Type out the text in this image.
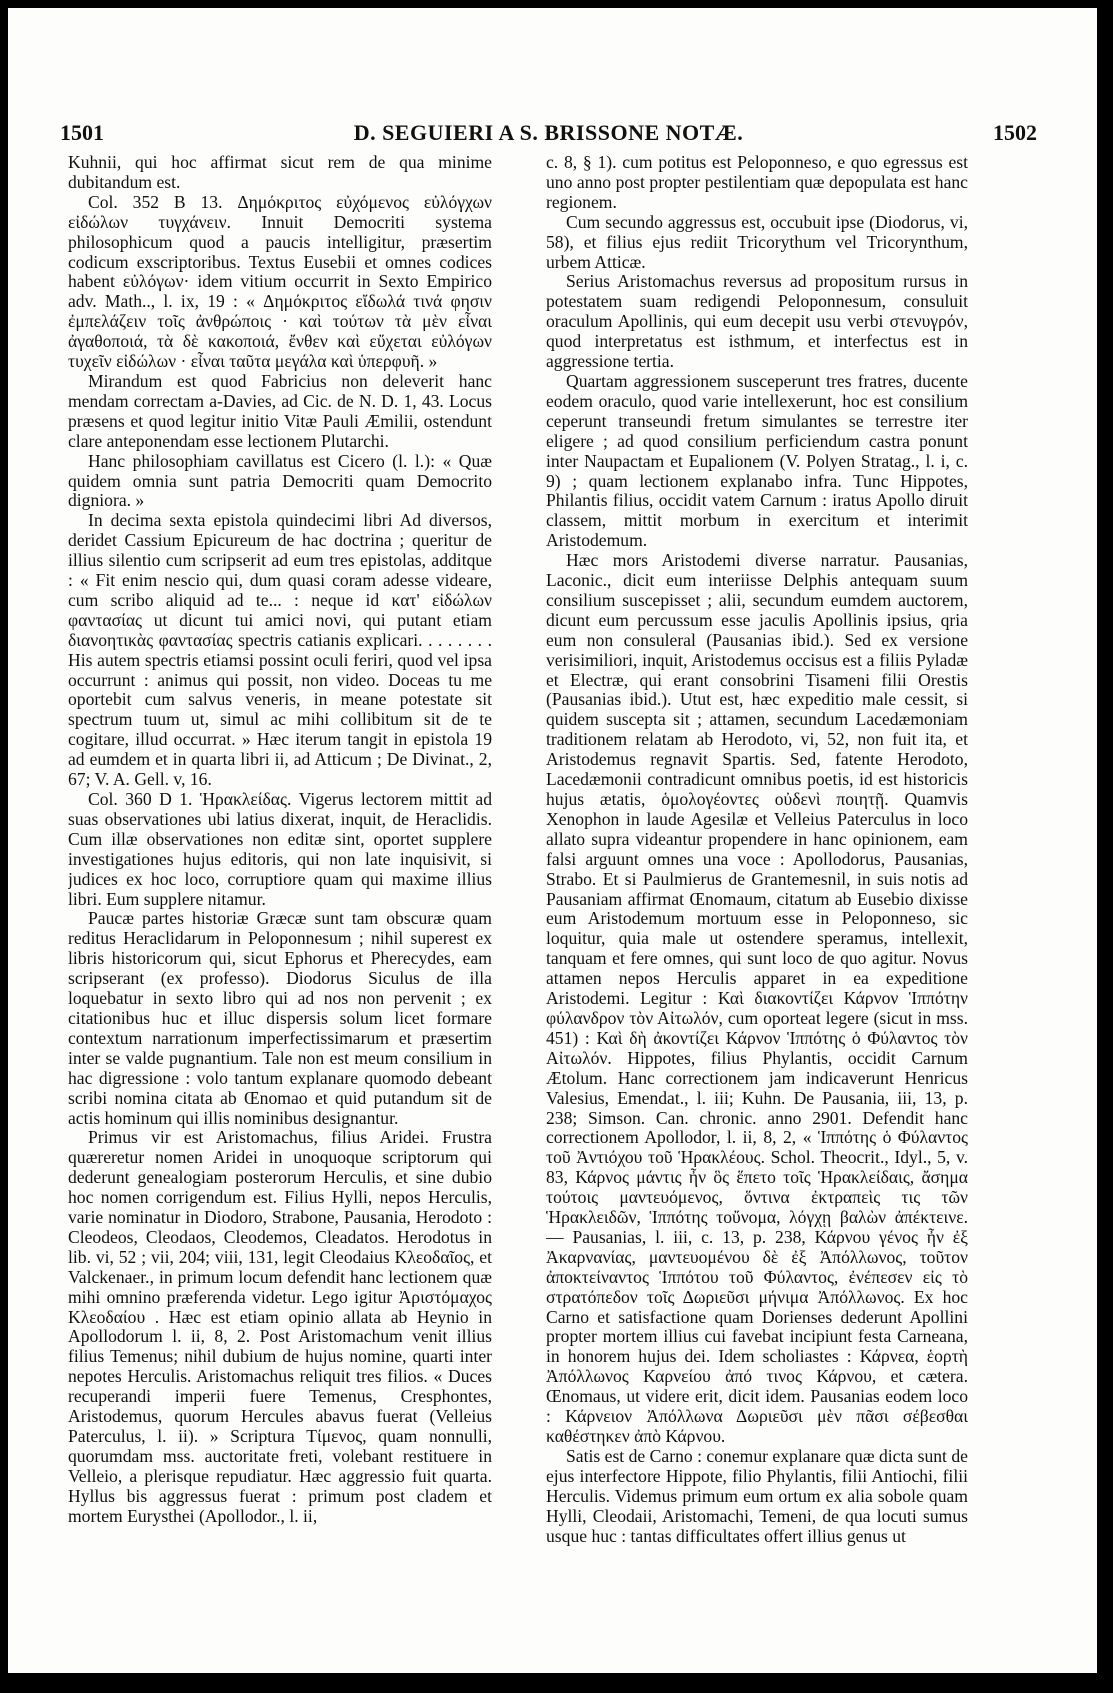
1501	D. SEGUIERI A S. BRISSONE NOTÆ.	1502

Kuhnii, qui hoc affirmat sicut rem de qua minime dubitandum est.

Col. 352 B 13. Δημόκριτος εὐχόμενος εὐλόγχων εἰδώλων τυγχάνειν. Innuit Democriti systema philosophicum quod a paucis intelligitur, præsertim codicum exscriptoribus. Textus Eusebii et omnes codices habent εὐλόγων· idem vitium occurrit in Sexto Empirico adv. Math.., l. ix, 19 : « Δημόκριτος εἴδωλά τινά φησιν ἐμπελάζειν τοῖς ἀνθρώποις · καὶ τούτων τὰ μὲν εἶναι ἀγαθοποιά, τὰ δὲ κακοποιά, ἔνθεν καὶ εὔχεται εὐλόγων τυχεῖν εἰδώλων · εἶναι ταῦτα μεγάλα καὶ ὑπερφυῆ. »

Mirandum est quod Fabricius non deleverit hanc mendam correctam a-Davies, ad Cic. de N. D. 1, 43. Locus præsens et quod legitur initio Vitæ Pauli Æmilii, ostendunt clare anteponendam esse lectionem Plutarchi.

Hanc philosophiam cavillatus est Cicero (l. l.): « Quæ quidem omnia sunt patria Democriti quam Democrito digniora. »

In decima sexta epistola quindecimi libri Ad diversos, deridet Cassium Epicureum de hac doctrina ; queritur de illius silentio cum scripserit ad eum tres epistolas, additque : « Fit enim nescio qui, dum quasi coram adesse videare, cum scribo aliquid ad te... : neque id κατ' εἰδώλων φαντασίας ut dicunt tui amici novi, qui putant etiam διανοητικὰς φαντασίας spectris catianis explicari. . . . . . . . His autem spectris etiamsi possint oculi feriri, quod vel ipsa occurrunt : animus qui possit, non video. Doceas tu me oportebit cum salvus veneris, in meane potestate sit spectrum tuum ut, simul ac mihi collibitum sit de te cogitare, illud occurrat. » Hæc iterum tangit in epistola 19 ad eumdem et in quarta libri ii, ad Atticum ; De Divinat., 2, 67; V. A. Gell. v, 16.

Col. 360 D 1. Ἡρακλείδας. Vigerus lectorem mittit ad suas observationes ubi latius dixerat, inquit, de Heraclidis. Cum illæ observationes non editæ sint, oportet supplere investigationes hujus editoris, qui non late inquisivit, si judices ex hoc loco, corruptiore quam qui maxime illius libri. Eum supplere nitamur.

Paucæ partes historiæ Græcæ sunt tam obscuræ quam reditus Heraclidarum in Peloponnesum ; nihil superest ex libris historicorum qui, sicut Ephorus et Pherecydes, eam scripserant (ex professo). Diodorus Siculus de illa loquebatur in sexto libro qui ad nos non pervenit ; ex citationibus huc et illuc dispersis solum licet formare contextum narrationum imperfectissimarum et præsertim inter se valde pugnantium. Tale non est meum consilium in hac digressione : volo tantum explanare quomodo debeant scribi nomina citata ab Œnomao et quid putandum sit de actis hominum qui illis nominibus designantur.

Primus vir est Aristomachus, filius Aridei. Frustra quæreretur nomen Aridei in unoquoque scriptorum qui dederunt genealogiam posterorum Herculis, et sine dubio hoc nomen corrigendum est. Filius Hylli, nepos Herculis, varie nominatur in Diodoro, Strabone, Pausania, Herodoto : Cleodeos, Cleodaos, Cleodemos, Cleadatos. Herodotus in lib. vi, 52 ; vii, 204; viii, 131, legit Cleodaius Κλεοδαῖος, et Valckenaer., in primum locum defendit hanc lectionem quæ mihi omnino præferenda videtur. Lego igitur Ἀριστόμαχος Κλεοδαίου . Hæc est etiam opinio allata ab Heynio in Apollodorum l. ii, 8, 2. Post Aristomachum venit illius filius Temenus; nihil dubium de hujus nomine, quarti inter nepotes Herculis. Aristomachus reliquit tres filios. « Duces recuperandi imperii fuere Temenus, Cresphontes, Aristodemus, quorum Hercules abavus fuerat (Velleius Paterculus, l. ii). » Scriptura Τίμενος, quam nonnulli, quorumdam mss. auctoritate freti, volebant restituere in Velleio, a plerisque repudiatur. Hæc aggressio fuit quarta. Hyllus bis aggressus fuerat : primum post cladem et mortem Eurysthei (Apollodor., l. ii,

c. 8, § 1). cum potitus est Peloponneso, e quo egressus est uno anno post propter pestilentiam quæ depopulata est hanc regionem.

Cum secundo aggressus est, occubuit ipse (Diodorus, vi, 58), et filius ejus rediit Tricorythum vel Tricorynthum, urbem Atticæ.

Serius Aristomachus reversus ad propositum rursus in potestatem suam redigendi Peloponnesum, consuluit oraculum Apollinis, qui eum decepit usu verbi στενυγρόν, quod interpretatus est isthmum, et interfectus est in aggressione tertia.

Quartam aggressionem susceperunt tres fratres, ducente eodem oraculo, quod varie intellexerunt, hoc est consilium ceperunt transeundi fretum simulantes se terrestre iter eligere ; ad quod consilium perficiendum castra ponunt inter Naupactam et Eupalionem (V. Polyen Stratag., l. i, c. 9) ; quam lectionem explanabo infra. Tunc Hippotes, Philantis filius, occidit vatem Carnum : iratus Apollo diruit classem, mittit morbum in exercitum et interimit Aristodemum.

Hæc mors Aristodemi diverse narratur. Pausanias, Laconic., dicit eum interiisse Delphis antequam suum consilium suscepisset ; alii, secundum eumdem auctorem, dicunt eum percussum esse jaculis Apollinis ipsius, qria eum non consuleral (Pausanias ibid.). Sed ex versione verisimiliori, inquit, Aristodemus occisus est a filiis Pyladæ et Electræ, qui erant consobrini Tisameni filii Orestis (Pausanias ibid.). Utut est, hæc expeditio male cessit, si quidem suscepta sit ; attamen, secundum Lacedæmoniam traditionem relatam ab Herodoto, vi, 52, non fuit ita, et Aristodemus regnavit Spartis. Sed, fatente Herodoto, Lacedæmonii contradicunt omnibus poetis, id est historicis hujus ætatis, ὁμολογέοντες οὐδενὶ ποιητῇ. Quamvis Xenophon in laude Agesilæ et Velleius Paterculus in loco allato supra videantur propendere in hanc opinionem, eam falsi arguunt omnes una voce : Apollodorus, Pausanias, Strabo. Et si Paulmierus de Grantemesnil, in suis notis ad Pausaniam affirmat Œnomaum, citatum ab Eusebio dixisse eum Aristodemum mortuum esse in Peloponneso, sic loquitur, quia male ut ostendere speramus, intellexit, tanquam et fere omnes, qui sunt loco de quo agitur. Novus attamen nepos Herculis apparet in ea expeditione Aristodemi. Legitur : Καὶ διακοντίζει Κάρνον Ἱππότην φύλανδρον τὸν Αἰτωλόν, cum oporteat legere (sicut in mss. 451) : Καὶ δὴ ἀκοντίζει Κάρνον Ἱππότης ὁ Φύλαντος τὸν Αἰτωλόν. Hippotes, filius Phylantis, occidit Carnum Ætolum. Hanc correctionem jam indicaverunt Henricus Valesius, Emendat., l. iii; Kuhn. De Pausania, iii, 13, p. 238; Simson. Can. chronic. anno 2901. Defendit hanc correctionem Apollodor, l. ii, 8, 2, « Ἱππότης ὁ Φύλαντος τοῦ Ἀντιόχου τοῦ Ἡρακλέους. Schol. Theocrit., Idyl., 5, v. 83, Κάρνος μάντις ἦν ὃς ἕπετο τοῖς Ἡρακλείδαις, ἄσημα τούτοις μαντευόμενος, ὅντινα ἐκτραπεὶς τις τῶν Ἡρακλειδῶν, Ἱππότης τοὔνομα, λόγχῃ βαλὼν ἀπέκτεινε. — Pausanias, l. iii, c. 13, p. 238, Κάρνου γένος ἦν ἐξ Ἀκαρνανίας, μαντευομένου δὲ ἐξ Ἀπόλλωνος, τοῦτον ἀποκτείναντος Ἱππότου τοῦ Φύλαντος, ἐνέπεσεν εἰς τὸ στρατόπεδον τοῖς Δωριεῦσι μήνιμα Ἀπόλλωνος. Ex hoc Carno et satisfactione quam Dorienses dederunt Apollini propter mortem illius cui favebat incipiunt festa Carneana, in honorem hujus dei. Idem scholiastes : Κάρνεα, ἑορτὴ Ἀπόλλωνος Καρνείου ἀπό τινος Κάρνου, et cætera. Œnomaus, ut videre erit, dicit idem. Pausanias eodem loco : Κάρνειον Ἀπόλλωνα Δωριεῦσι μὲν πᾶσι σέβεσθαι καθέστηκεν ἀπὸ Κάρνου.

Satis est de Carno : conemur explanare quæ dicta sunt de ejus interfectore Hippote, filio Phylantis, filii Antiochi, filii Herculis. Videmus primum eum ortum ex alia sobole quam Hylli, Cleodaii, Aristomachi, Temeni, de qua locuti sumus usque huc : tantas difficultates offert illius genus ut
